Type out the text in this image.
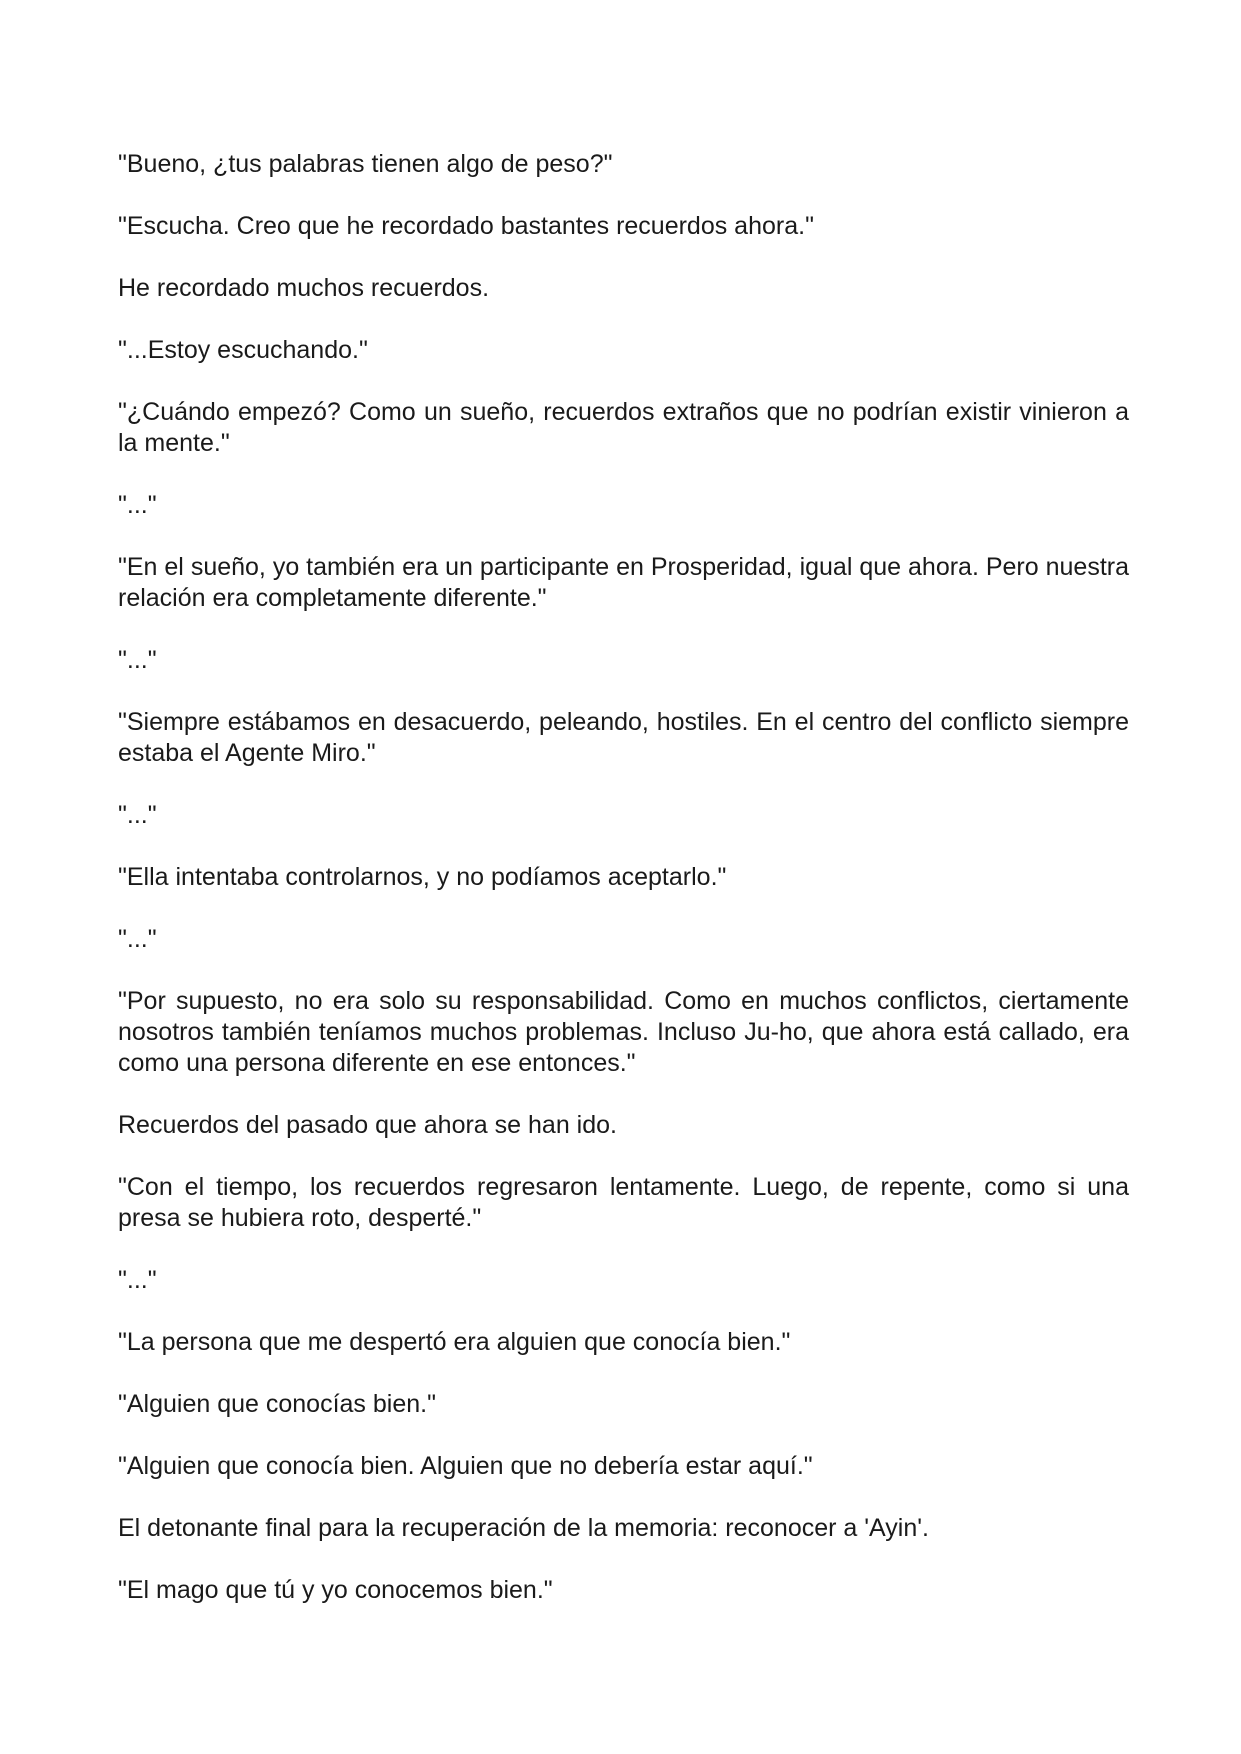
"Bueno, ¿tus palabras tienen algo de peso?"

"Escucha. Creo que he recordado bastantes recuerdos ahora."

He recordado muchos recuerdos.

"...Estoy escuchando."

"¿Cuándo empezó? Como un sueño, recuerdos extraños que no podrían existir vinieron a la mente."

"..."

"En el sueño, yo también era un participante en Prosperidad, igual que ahora. Pero nuestra relación era completamente diferente."

"..."

"Siempre estábamos en desacuerdo, peleando, hostiles. En el centro del conflicto siempre estaba el Agente Miro."

"..."

"Ella intentaba controlarnos, y no podíamos aceptarlo."

"..."

"Por supuesto, no era solo su responsabilidad. Como en muchos conflictos, ciertamente nosotros también teníamos muchos problemas. Incluso Ju-ho, que ahora está callado, era como una persona diferente en ese entonces."

Recuerdos del pasado que ahora se han ido.

"Con el tiempo, los recuerdos regresaron lentamente. Luego, de repente, como si una presa se hubiera roto, desperté."

"..."

"La persona que me despertó era alguien que conocía bien."

"Alguien que conocías bien."

"Alguien que conocía bien. Alguien que no debería estar aquí."

El detonante final para la recuperación de la memoria: reconocer a 'Ayin'.

"El mago que tú y yo conocemos bien."
